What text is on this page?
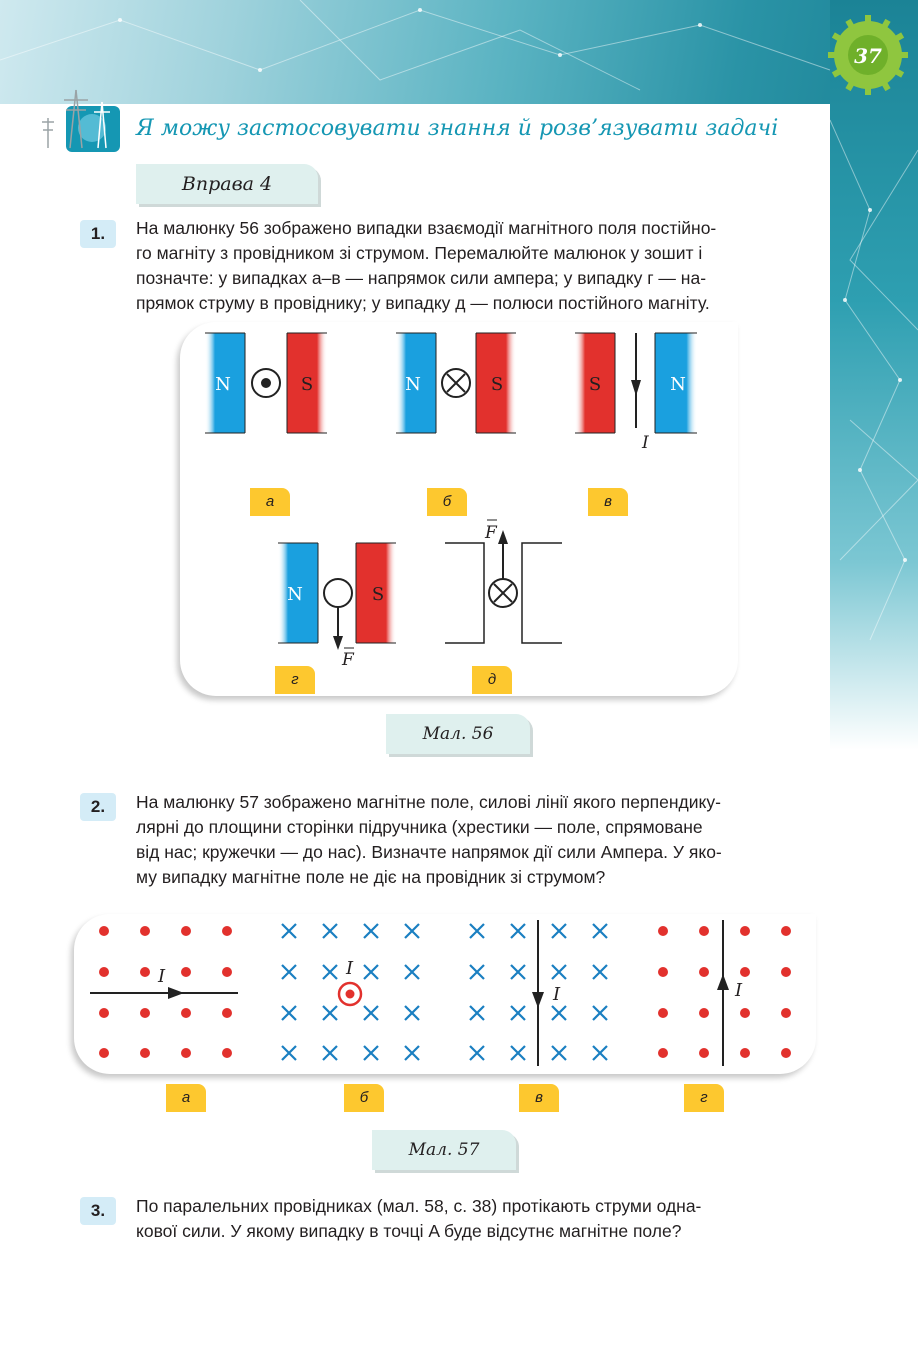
37
Я можу застосовувати знання й розв’язувати задачі
Вправа 4
1.	На малюнку 56 зображено випадки взаємодії магнітного поля постійно-
го магніту з провідником зі струмом. Перемалюйте малюнок у зошит і
позначте: у випадках а–в — напрямок сили ампера; у випадку г — на-
прямок струму в провіднику; у випадку д — полюси постійного магніту.
N	S	N	S	S	N
I
N	S
F
F
а	б	в
г	д
Мал. 56
2.	На малюнку 57 зображено магнітне поле, силові лінії якого перпендику-
лярні до площини сторінки підручника (хрестики — поле, спрямоване
від нас; кружечки — до нас). Визначте напрямок дії сили Ампера. У яко-
му випадку магнітне поле не діє на провідник зі струмом?
I	I
I	I
а	б	в	г
Мал. 57
3.	По паралельних провідниках (мал. 58, с. 38) протікають струми одна-
кової сили. У якому випадку в точці A буде відсутнє магнітне поле?
